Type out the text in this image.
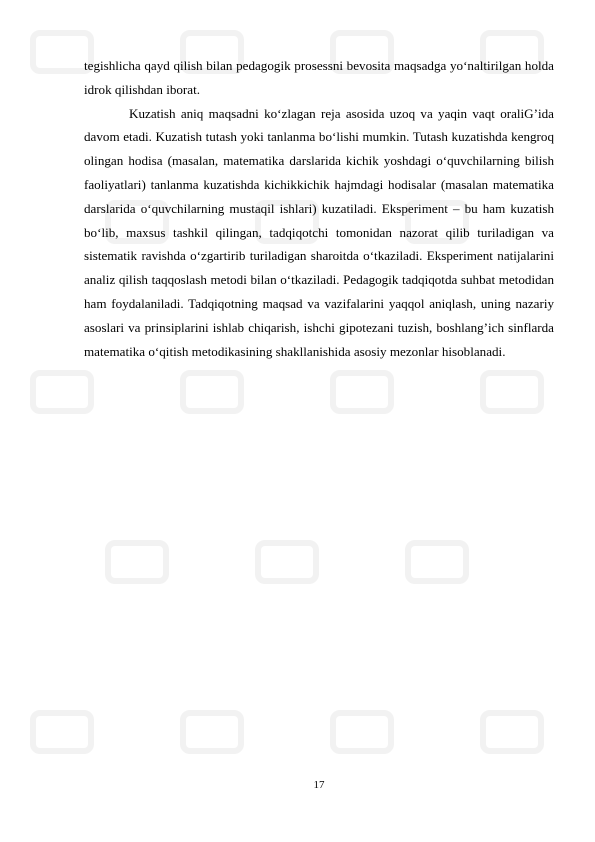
tegishlicha qayd qilish bilan pedagogik prosessni bevosita maqsadga yo‘naltirilgan holda idrok qilishdan iborat.

Kuzatish aniq maqsadni ko‘zlagan reja asosida uzoq va yaqin vaqt oraliG’ida davom etadi. Kuzatish tutash yoki tanlanma bo‘lishi mumkin. Tutash kuzatishda kengroq olingan hodisa (masalan, matematika darslarida kichik yoshdagi o‘quvchilarning bilish faoliyatlari) tanlanma kuzatishda kichikkichik hajmdagi hodisalar (masalan matematika darslarida o‘quvchilarning mustaqil ishlari) kuzatiladi. Eksperiment – bu ham kuzatish bo‘lib, maxsus tashkil qilingan, tadqiqotchi tomonidan nazorat qilib turiladigan va sistematik ravishda o‘zgartirib turiladigan sharoitda o‘tkaziladi. Eksperiment natijalarini analiz qilish taqqoslash metodi bilan o‘tkaziladi. Pedagogik tadqiqotda suhbat metodidan ham foydalaniladi. Tadqiqotning maqsad va vazifalarini yaqqol aniqlash, uning nazariy asoslari va prinsiplarini ishlab chiqarish, ishchi gipotezani tuzish, boshlang’ich sinflarda matematika o‘qitish metodikasining shakllanishida asosiy mezonlar hisoblanadi.

17
